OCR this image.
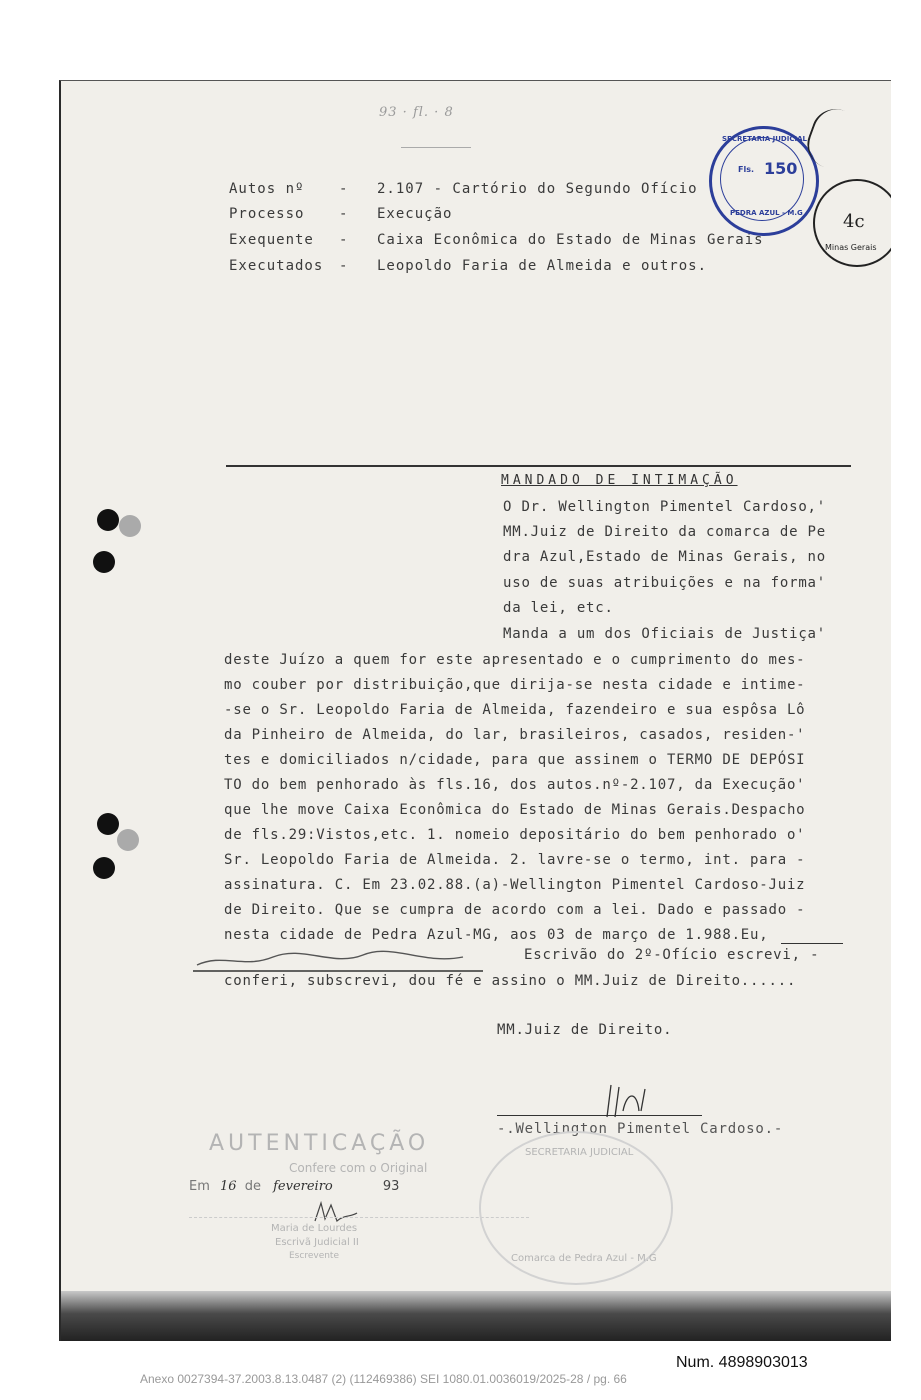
93 · fl. · 8
Autos nº - 2.107 - Cartório do Segundo Ofício
Processo - Execução
Exequente - Caixa Econômica do Estado de Minas Gerais
Executados - Leopoldo Faria de Almeida e outros.
SECRETARIA JUDICIAL
Fls. 150
PEDRA AZUL - M.G 4c
Minas Gerais
MANDADO DE INTIMAÇÃO
O Dr. Wellington Pimentel Cardoso,'
MM.Juiz de Direito da comarca de Pe
dra Azul,Estado de Minas Gerais, no
uso de suas atribuições e na forma'
da lei, etc.
Manda a um dos Oficiais de Justiça'
deste Juízo a quem for este apresentado e o cumprimento do mes-
mo couber por distribuição,que dirija-se nesta cidade e intime-
-se o Sr. Leopoldo Faria de Almeida, fazendeiro e sua espôsa Lô
da Pinheiro de Almeida, do lar, brasileiros, casados, residen-'
tes e domiciliados n/cidade, para que assinem o TERMO DE DEPÓSI
TO do bem penhorado às fls.16, dos autos.nº-2.107, da Execução'
que lhe move Caixa Econômica do Estado de Minas Gerais.Despacho
de fls.29:Vistos,etc. 1. nomeio depositário do bem penhorado o'
Sr. Leopoldo Faria de Almeida. 2. lavre-se o termo, int. para -
assinatura. C. Em 23.02.88.(a)-Wellington Pimentel Cardoso-Juiz
de Direito. Que se cumpra de acordo com a lei. Dado e passado -
nesta cidade de Pedra Azul-MG, aos 03 de março de 1.988.Eu,
Escrivão do 2º-Ofício escrevi, -
conferi, subscrevi, dou fé e assino o MM.Juiz de Direito......
MM.Juiz de Direito.
-.Wellington Pimentel Cardoso.-
AUTENTICAÇÃO
Confere com o Original
Em 16 de fevereiro	93
Maria de Lourdes
Escrivã Judicial II
Escrevente
SECRETARIA JUDICIAL
Comarca de Pedra Azul - M.G
Num. 4898903013
Anexo 0027394-37.2003.8.13.0487 (2) (112469386) SEI 1080.01.0036019/2025-28 / pg. 66
